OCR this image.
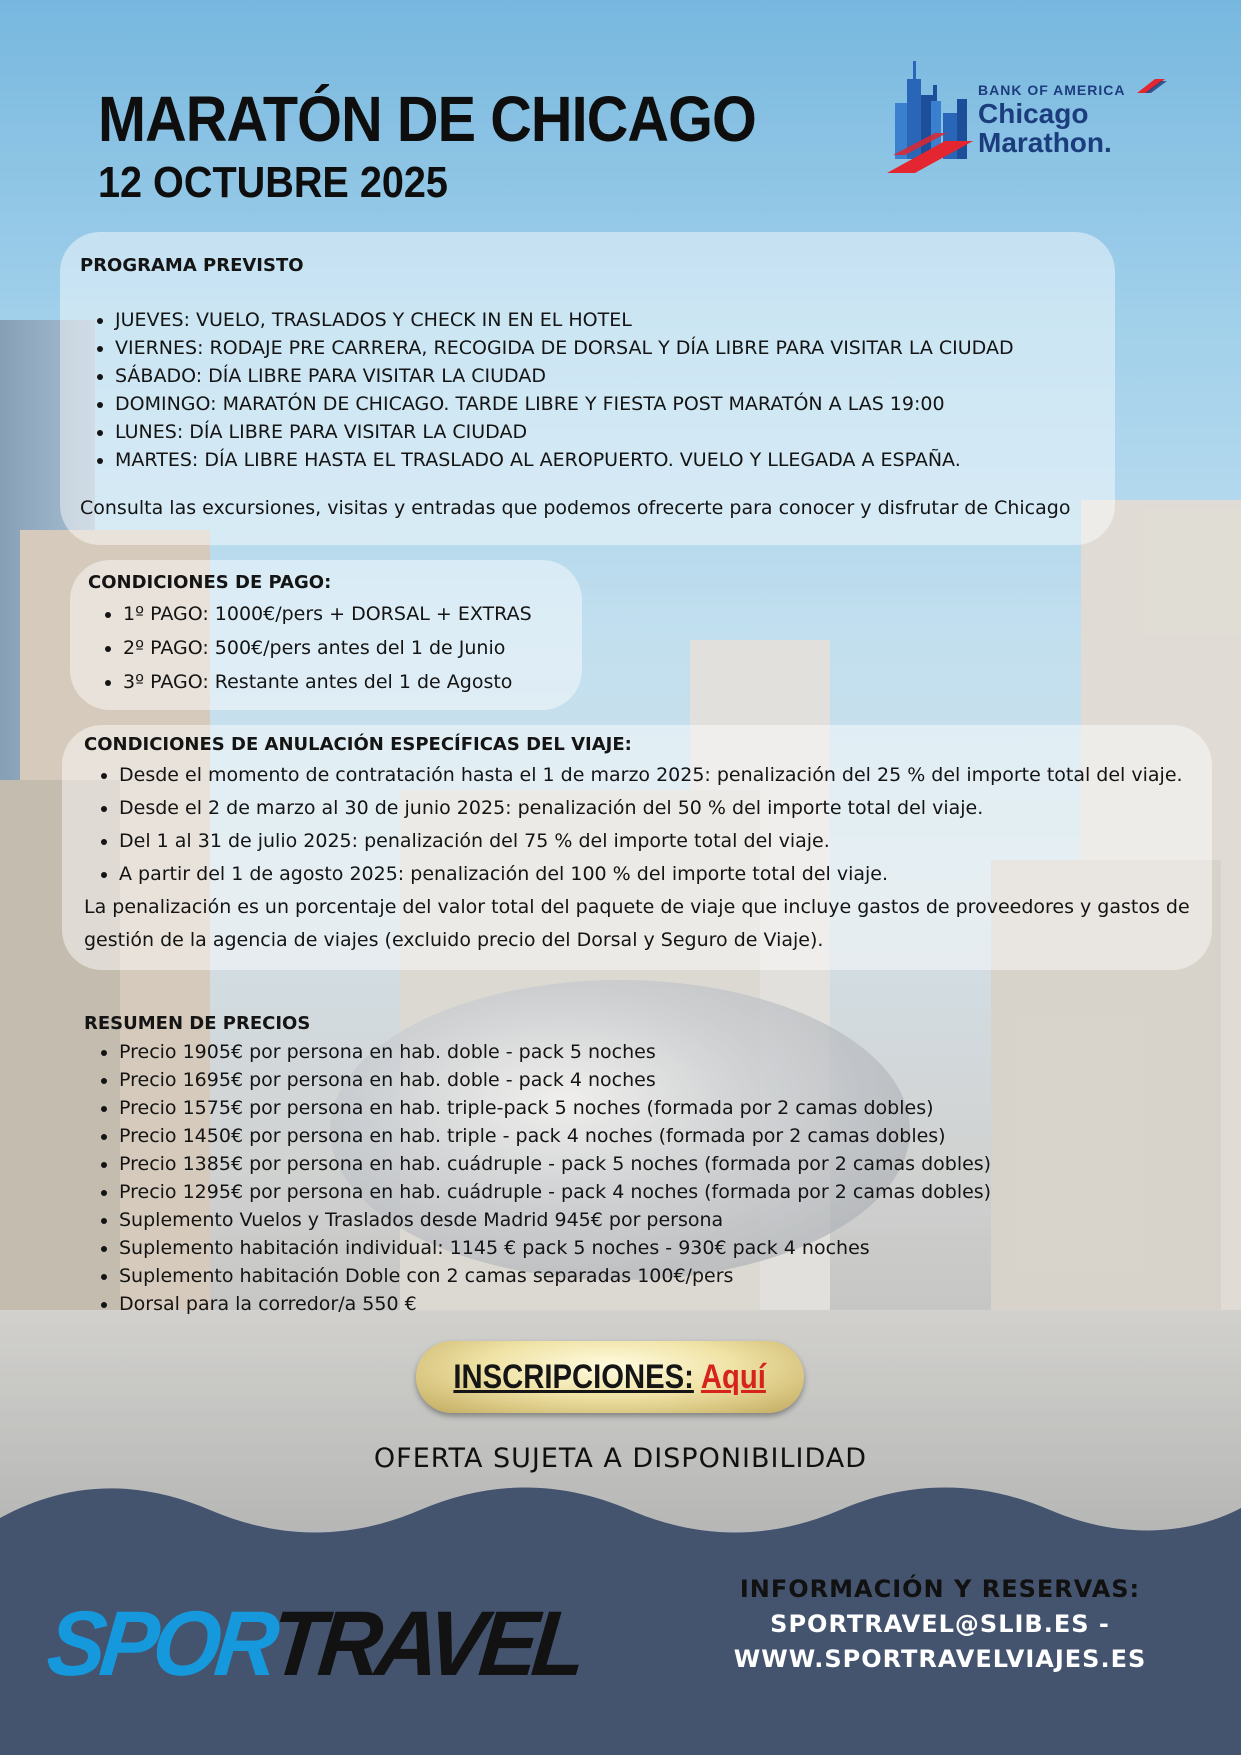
MARATÓN DE CHICAGO
12 OCTUBRE 2025
BANK OF AMERICA
Chicago
Marathon.

PROGRAMA PREVISTO

• JUEVES: VUELO, TRASLADOS Y CHECK IN EN EL HOTEL
• VIERNES: RODAJE PRE CARRERA, RECOGIDA DE DORSAL Y DÍA LIBRE PARA VISITAR LA CIUDAD
• SÁBADO: DÍA LIBRE PARA VISITAR LA CIUDAD
• DOMINGO: MARATÓN DE CHICAGO. TARDE LIBRE Y FIESTA POST MARATÓN A LAS 19:00
• LUNES: DÍA LIBRE PARA VISITAR LA CIUDAD
• MARTES: DÍA LIBRE HASTA EL TRASLADO AL AEROPUERTO. VUELO Y LLEGADA A ESPAÑA.

Consulta las excursiones, visitas y entradas que podemos ofrecerte para conocer y disfrutar de Chicago

CONDICIONES DE PAGO:

• 1º PAGO: 1000€/pers + DORSAL + EXTRAS
• 2º PAGO: 500€/pers antes del 1 de Junio
• 3º PAGO: Restante antes del 1 de Agosto

CONDICIONES DE ANULACIÓN ESPECÍFICAS DEL VIAJE:

• Desde el momento de contratación hasta el 1 de marzo 2025: penalización del 25 % del importe total del viaje.
• Desde el 2 de marzo al 30 de junio 2025: penalización del 50 % del importe total del viaje.
• Del 1 al 31 de julio 2025: penalización del 75 % del importe total del viaje.
• A partir del 1 de agosto 2025: penalización del 100 % del importe total del viaje.

La penalización es un porcentaje del valor total del paquete de viaje que incluye gastos de proveedores y gastos de gestión de la agencia de viajes (excluido precio del Dorsal y Seguro de Viaje).

RESUMEN DE PRECIOS

• Precio 1905€ por persona en hab. doble - pack 5 noches
• Precio 1695€ por persona en hab. doble - pack 4 noches
• Precio 1575€ por persona en hab. triple-pack 5 noches (formada por 2 camas dobles)
• Precio 1450€ por persona en hab. triple - pack 4 noches (formada por 2 camas dobles)
• Precio 1385€ por persona en hab. cuádruple - pack 5 noches (formada por 2 camas dobles)
• Precio 1295€ por persona en hab. cuádruple - pack 4 noches (formada por 2 camas dobles)
• Suplemento Vuelos y Traslados desde Madrid 945€ por persona
• Suplemento habitación individual: 1145 € pack 5 noches - 930€ pack 4 noches
• Suplemento habitación Doble con 2 camas separadas 100€/pers
• Dorsal para la corredor/a 550 €
INSCRIPCIONES: Aquí
OFERTA SUJETA A DISPONIBILIDAD
SPORTRAVEL
INFORMACIÓN Y RESERVAS:
SPORTRAVEL@SLIB.ES -
WWW.SPORTRAVELVIAJES.ES
